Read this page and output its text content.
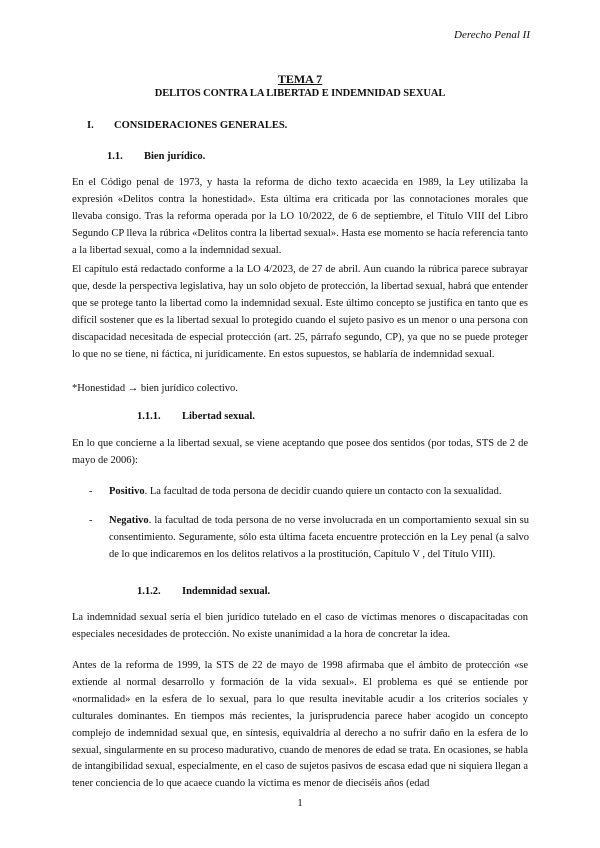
Derecho Penal II
TEMA 7
DELITOS CONTRA LA LIBERTAD E INDEMNIDAD SEXUAL
I. CONSIDERACIONES GENERALES.
1.1. Bien jurídico.
En el Código penal de 1973, y hasta la reforma de dicho texto acaecida en 1989, la Ley utilizaba la expresión «Delitos contra la honestidad». Esta última era criticada por las connotaciones morales que llevaba consigo. Tras la reforma operada por la LO 10/2022, de 6 de septiembre, el Título VIII del Libro Segundo CP lleva la rúbrica «Delitos contra la libertad sexual». Hasta ese momento se hacía referencia tanto a la libertad sexual, como a la indemnidad sexual.
El capítulo está redactado conforme a la LO 4/2023, de 27 de abril. Aun cuando la rúbrica parece subrayar que, desde la perspectiva legislativa, hay un solo objeto de protección, la libertad sexual, habrá que entender que se protege tanto la libertad como la indemnidad sexual. Este último concepto se justifica en tanto que es difícil sostener que es la libertad sexual lo protegido cuando el sujeto pasivo es un menor o una persona con discapacidad necesitada de especial protección (art. 25, párrafo segundo, CP), ya que no se puede proteger lo que no se tiene, ni fáctica, ni jurídicamente. En estos supuestos, se hablaría de indemnidad sexual.
*Honestidad → bien jurídico colectivo.
1.1.1. Libertad sexual.
En lo que concierne a la libertad sexual, se viene aceptando que posee dos sentidos (por todas, STS de 2 de mayo de 2006):
- Positivo. La facultad de toda persona de decidir cuando quiere un contacto con la sexualidad.
- Negativo. la facultad de toda persona de no verse involucrada en un comportamiento sexual sin su consentimiento. Seguramente, sólo esta última faceta encuentre protección en la Ley penal (a salvo de lo que indicaremos en los delitos relativos a la prostitución, Capítulo V , del Título VIII).
1.1.2. Indemnidad sexual.
La indemnidad sexual sería el bien jurídico tutelado en el caso de víctimas menores o discapacitadas con especiales necesidades de protección. No existe unanimidad a la hora de concretar la idea.
Antes de la reforma de 1999, la STS de 22 de mayo de 1998 afirmaba que el ámbito de protección «se extiende al normal desarrollo y formación de la vida sexual». El problema es qué se entiende por «normalidad» en la esfera de lo sexual, para lo que resulta inevitable acudir a los criterios sociales y culturales dominantes. En tiempos más recientes, la jurisprudencia parece haber acogido un concepto complejo de indemnidad sexual que, en síntesis, equivaldría al derecho a no sufrir daño en la esfera de lo sexual, singularmente en su proceso madurativo, cuando de menores de edad se trata. En ocasiones, se habla de intangibilidad sexual, especialmente, en el caso de sujetos pasivos de escasa edad que ni siquiera llegan a tener conciencia de lo que acaece cuando la víctima es menor de dieciséis años (edad
1
